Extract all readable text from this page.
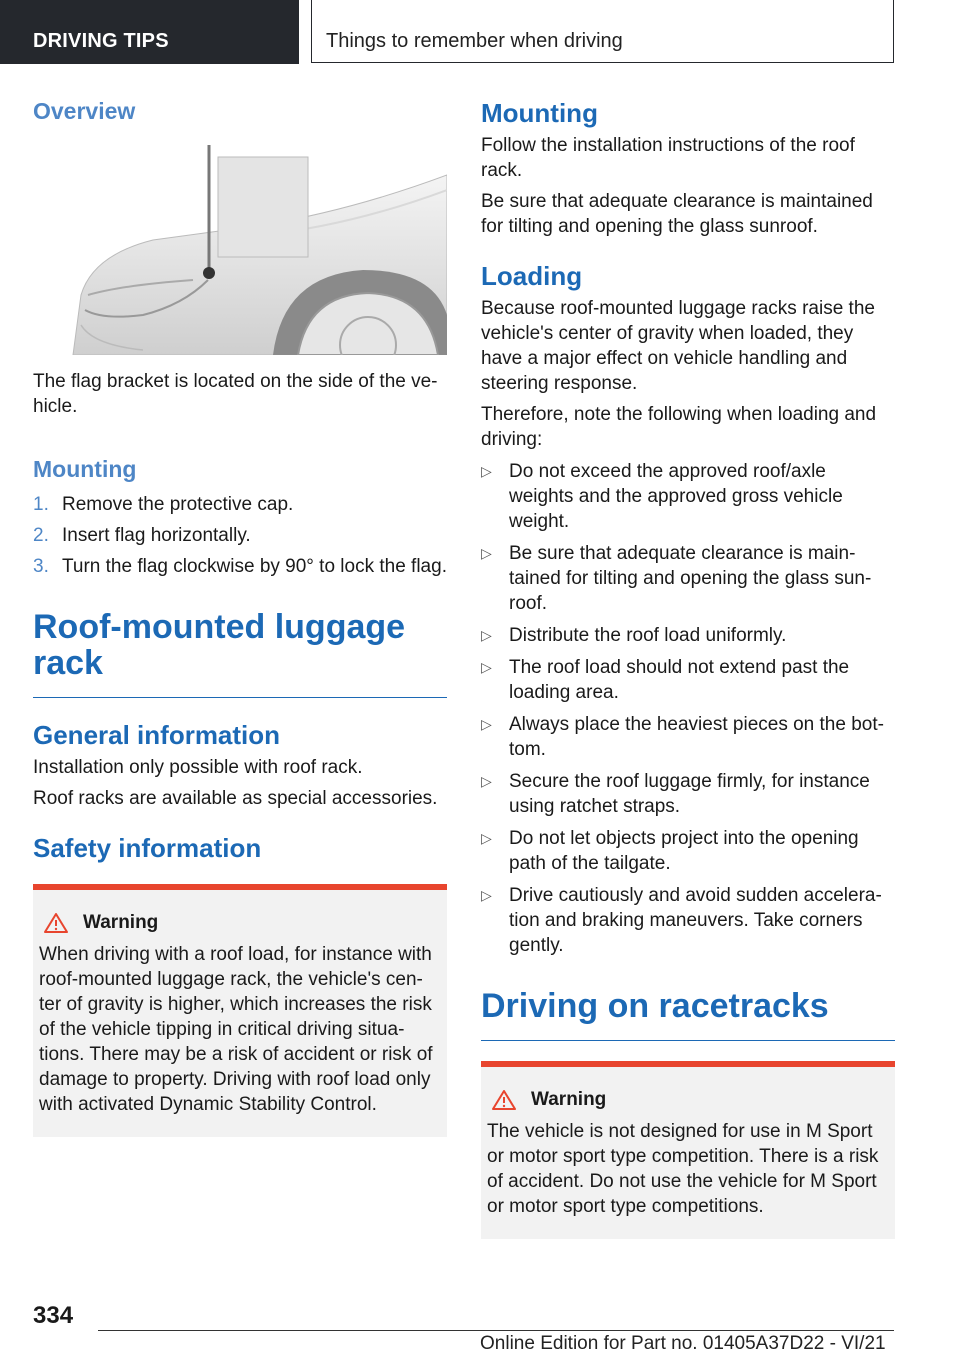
DRIVING TIPS	Things to remember when driving
Overview

The flag bracket is located on the side of the ve-hicle.

Mounting
1. Remove the protective cap.
2. Insert flag horizontally.
3. Turn the flag clockwise by 90° to lock the flag.
Roof-mounted luggage rack
General information

Installation only possible with roof rack.

Roof racks are available as special accessories.

Safety information
Warning

When driving with a roof load, for instance with roof-mounted luggage rack, the vehicle's cen-ter of gravity is higher, which increases the risk of the vehicle tipping in critical driving situa-tions. There may be a risk of accident or risk of damage to property. Driving with roof load only with activated Dynamic Stability Control.

Mounting

Follow the installation instructions of the roof rack.

Be sure that adequate clearance is maintained for tilting and opening the glass sunroof.

Loading

Because roof-mounted luggage racks raise the vehicle's center of gravity when loaded, they have a major effect on vehicle handling and steering response.

Therefore, note the following when loading and driving:

▷ Do not exceed the approved roof/axle weights and the approved gross vehicle weight.
▷ Be sure that adequate clearance is main-tained for tilting and opening the glass sun-roof.
▷ Distribute the roof load uniformly.
▷ The roof load should not extend past the loading area.
▷ Always place the heaviest pieces on the bot-tom.
▷ Secure the roof luggage firmly, for instance using ratchet straps.
▷ Do not let objects project into the opening path of the tailgate.
▷ Drive cautiously and avoid sudden accelera-tion and braking maneuvers. Take corners gently.
Driving on racetracks
Warning

The vehicle is not designed for use in M Sport or motor sport type competition. There is a risk of accident. Do not use the vehicle for M Sport or motor sport type competitions.

334
Online Edition for Part no. 01405A37D22 - VI/21
